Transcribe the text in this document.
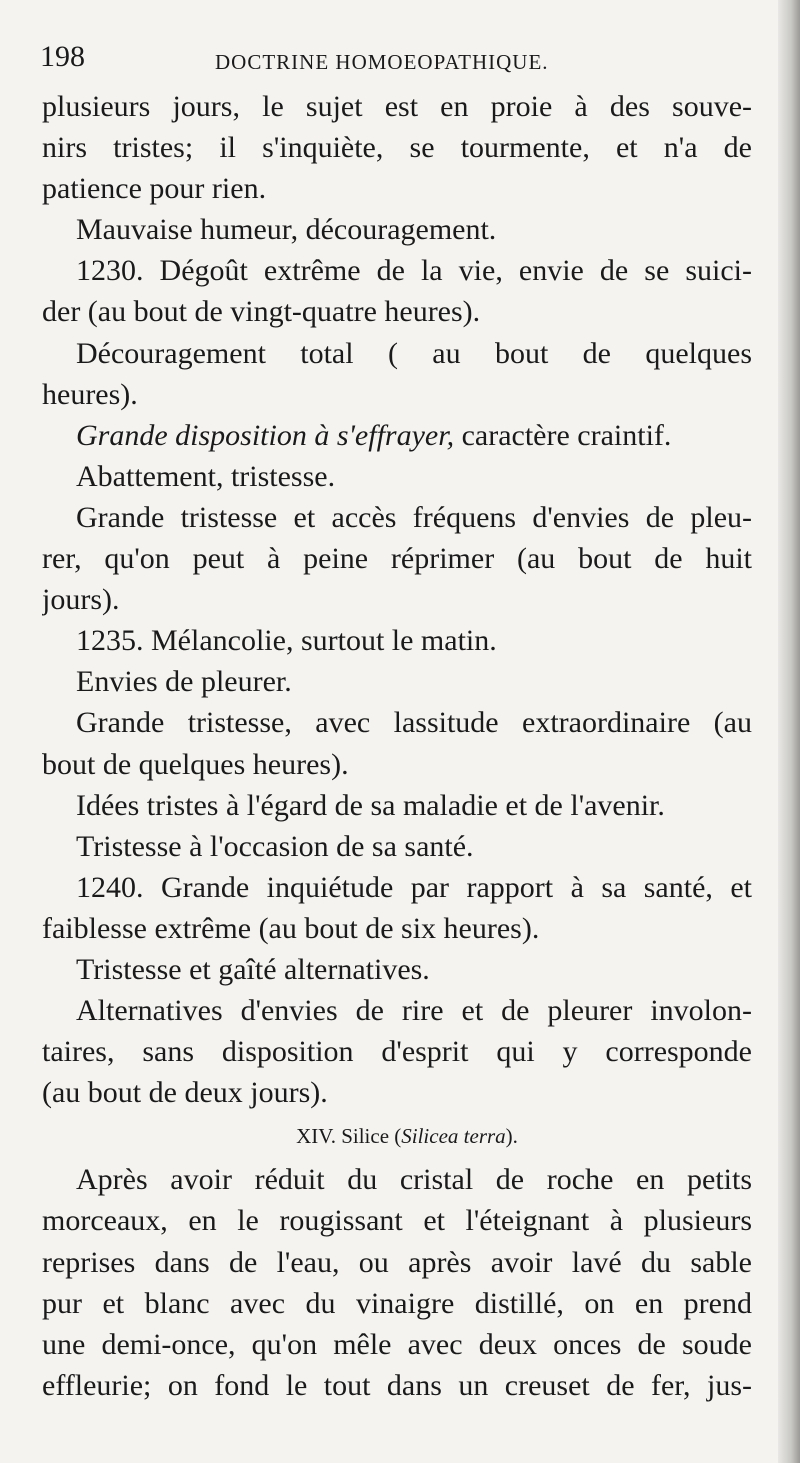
198	DOCTRINE HOMOEOPATHIQUE.
plusieurs jours, le sujet est en proie à des souve-
nirs tristes; il s'inquiète, se tourmente, et n'a de
patience pour rien.
Mauvaise humeur, découragement.
1230. Dégoût extrême de la vie, envie de se suici-
der (au bout de vingt-quatre heures).
Découragement total ( au bout de quelques
heures).
Grande disposition à s'effrayer, caractère craintif.
Abattement, tristesse.
Grande tristesse et accès fréquens d'envies de pleu-
rer, qu'on peut à peine réprimer (au bout de huit
jours).
1235. Mélancolie, surtout le matin.
Envies de pleurer.
Grande tristesse, avec lassitude extraordinaire (au
bout de quelques heures).
Idées tristes à l'égard de sa maladie et de l'avenir.
Tristesse à l'occasion de sa santé.
1240. Grande inquiétude par rapport à sa santé, et
faiblesse extrême (au bout de six heures).
Tristesse et gaîté alternatives.
Alternatives d'envies de rire et de pleurer involon-
taires, sans disposition d'esprit qui y corresponde
(au bout de deux jours).
XIV. Silice (Silicea terra).
Après avoir réduit du cristal de roche en petits
morceaux, en le rougissant et l'éteignant à plusieurs
reprises dans de l'eau, ou après avoir lavé du sable
pur et blanc avec du vinaigre distillé, on en prend
une demi-once, qu'on mêle avec deux onces de soude
effleurie; on fond le tout dans un creuset de fer, jus-
